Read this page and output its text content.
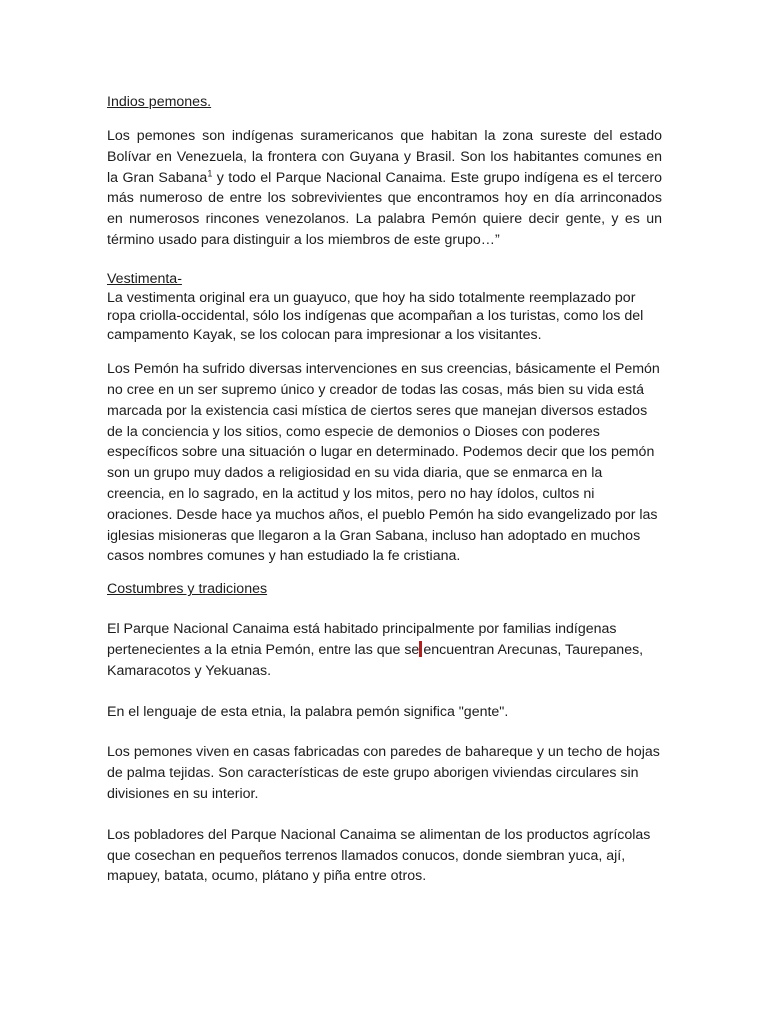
Indios pemones.

Los pemones son indígenas suramericanos que habitan la zona sureste del estado Bolívar en Venezuela, la frontera con Guyana y Brasil. Son los habitantes comunes en la Gran Sabana$^1$ y todo el Parque Nacional Canaima. Este grupo indígena es el tercero más numeroso de entre los sobrevivientes que encontramos hoy en día arrinconados en numerosos rincones venezolanos. La palabra Pemón quiere decir gente, y es un término usado para distinguir a los miembros de este grupo…”

Vestimenta-

La vestimenta original era un guayuco, que hoy ha sido totalmente reemplazado por ropa criolla-occidental, sólo los indígenas que acompañan a los turistas, como los del campamento Kayak, se los colocan para impresionar a los visitantes.

Los Pemón ha sufrido diversas intervenciones en sus creencias, básicamente el Pemón no cree en un ser supremo único y creador de todas las cosas, más bien su vida está marcada por la existencia casi mística de ciertos seres que manejan diversos estados de la conciencia y los sitios, como especie de demonios o Dioses con poderes específicos sobre una situación o lugar en determinado. Podemos decir que los pemón son un grupo muy dados a religiosidad en su vida diaria, que se enmarca en la creencia, en lo sagrado, en la actitud y los mitos, pero no hay ídolos, cultos ni oraciones. Desde hace ya muchos años, el pueblo Pemón ha sido evangelizado por las iglesias misioneras que llegaron a la Gran Sabana, incluso han adoptado en muchos casos nombres comunes y han estudiado la fe cristiana.

Costumbres y tradiciones

El Parque Nacional Canaima está habitado principalmente por familias indígenas pertenecientes a la etnia Pemón, entre las que se encuentran Arecunas, Taurepanes, Kamaracotos y Yekuanas.

En el lenguaje de esta etnia, la palabra pemón significa "gente".

Los pemones viven en casas fabricadas con paredes de bahareque y un techo de hojas de palma tejidas. Son características de este grupo aborigen viviendas circulares sin divisiones en su interior.

Los pobladores del Parque Nacional Canaima se alimentan de los productos agrícolas que cosechan en pequeños terrenos llamados conucos, donde siembran yuca, ají, mapuey, batata, ocumo, plátano y piña entre otros.
